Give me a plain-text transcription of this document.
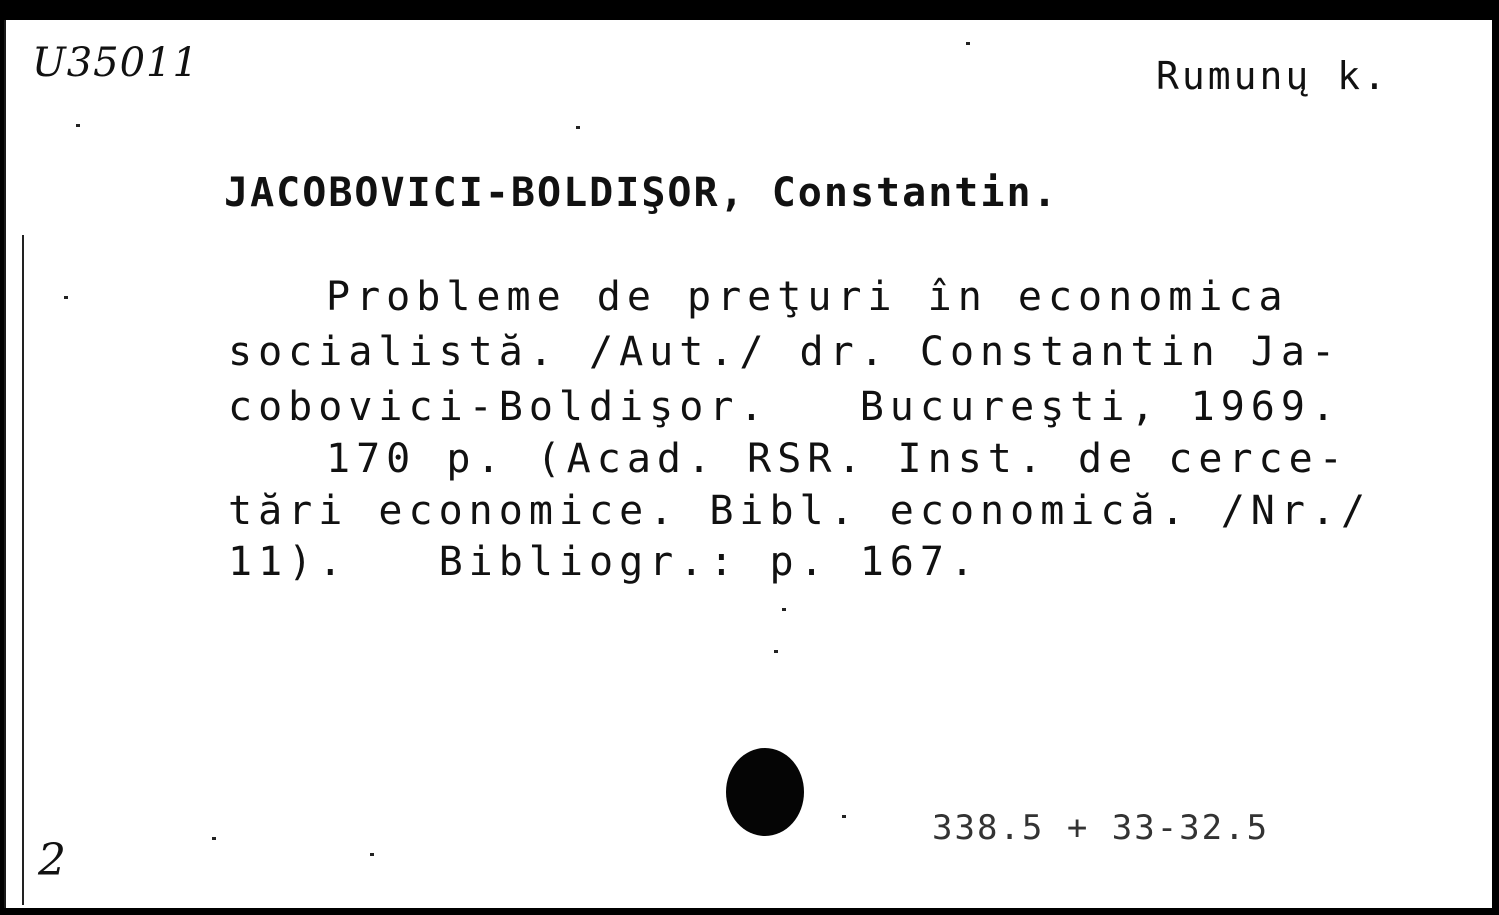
U35011	Rumunų k.
JACOBOVICI-BOLDIŞOR, Constantin.
Probleme de preţuri în economica
socialistă. /Aut./ dr. Constantin Ja-
cobovici-Boldişor.   Bucureşti, 1969.
170 p. (Acad. RSR. Inst. de cerce-
tări economice. Bibl. economică. /Nr./
11).   Bibliogr.: p. 167.
338.5 + 33-32.5
2
